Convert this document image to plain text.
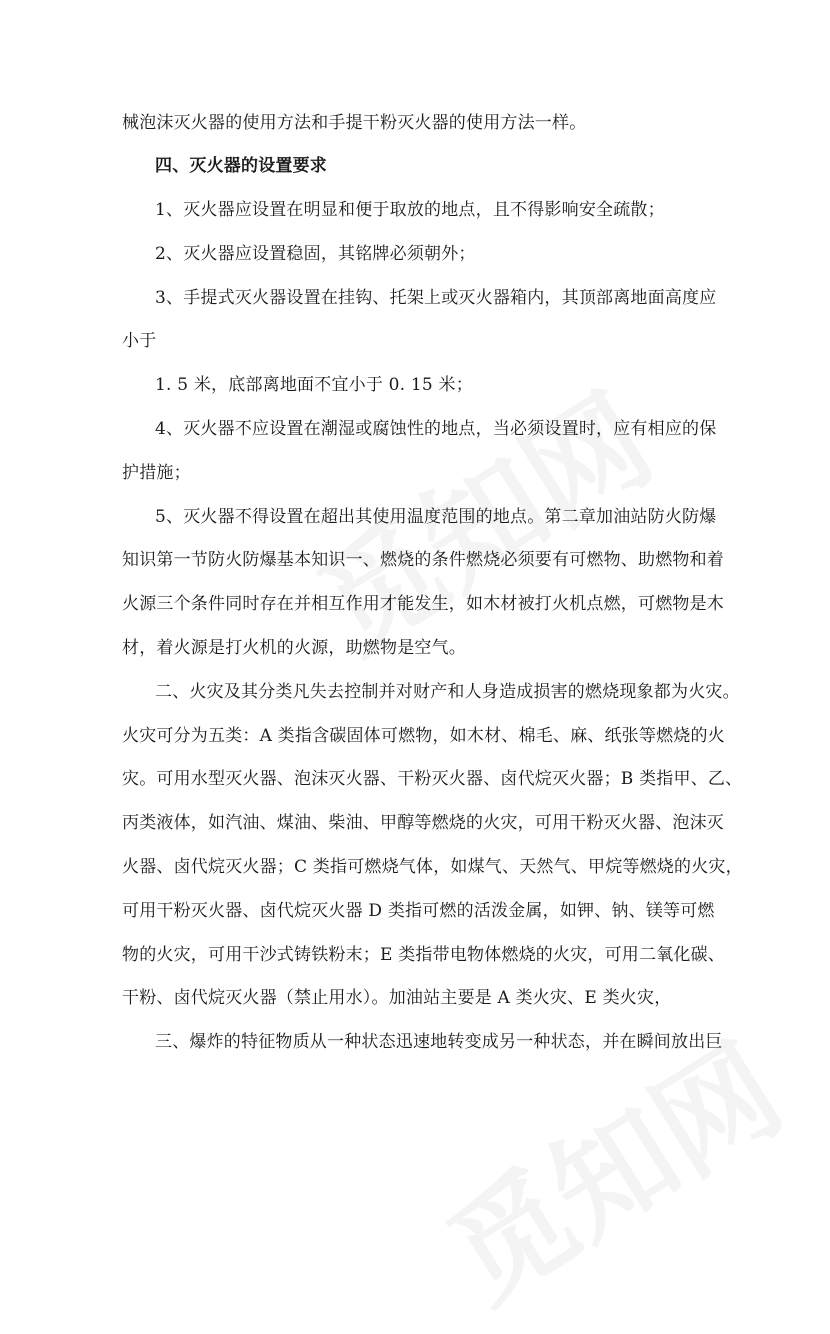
械泡沫灭火器的使用方法和手提干粉灭火器的使用方法一样。
四、灭火器的设置要求
1、灭火器应设置在明显和便于取放的地点，且不得影响安全疏散；
2、灭火器应设置稳固，其铭牌必须朝外；
3、手提式灭火器设置在挂钩、托架上或灭火器箱内，其顶部离地面高度应
小于
1. 5 米，底部离地面不宜小于 0. 15 米；
4、灭火器不应设置在潮湿或腐蚀性的地点，当必须设置时，应有相应的保
护措施；
5、灭火器不得设置在超出其使用温度范围的地点。第二章加油站防火防爆
知识第一节防火防爆基本知识一、燃烧的条件燃烧必须要有可燃物、助燃物和着
火源三个条件同时存在并相互作用才能发生，如木材被打火机点燃，可燃物是木
材，着火源是打火机的火源，助燃物是空气。
二、火灾及其分类凡失去控制并对财产和人身造成损害的燃烧现象都为火灾。
火灾可分为五类：A 类指含碳固体可燃物，如木材、棉毛、麻、纸张等燃烧的火
灾。可用水型灭火器、泡沫灭火器、干粉灭火器、卤代烷灭火器；B 类指甲、乙、
丙类液体，如汽油、煤油、柴油、甲醇等燃烧的火灾，可用干粉灭火器、泡沫灭
火器、卤代烷灭火器；C 类指可燃烧气体，如煤气、天然气、甲烷等燃烧的火灾，
可用干粉灭火器、卤代烷灭火器 D 类指可燃的活泼金属，如钾、钠、镁等可燃
物的火灾，可用干沙式铸铁粉末；E 类指带电物体燃烧的火灾，可用二氧化碳、
干粉、卤代烷灭火器（禁止用水）。加油站主要是 A 类火灾、E 类火灾，
三、爆炸的特征物质从一种状态迅速地转变成另一种状态，并在瞬间放出巨
